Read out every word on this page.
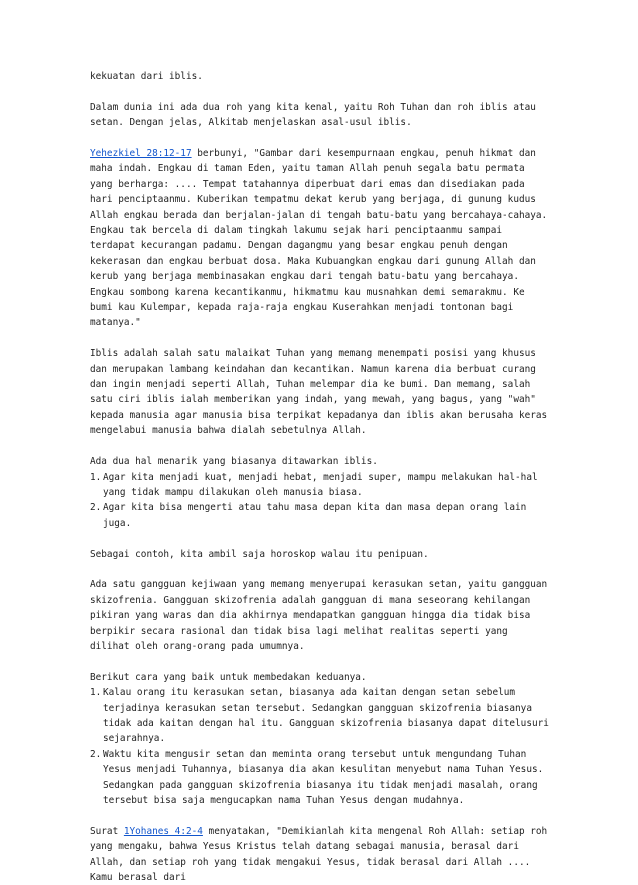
kekuatan dari iblis.

Dalam dunia ini ada dua roh yang kita kenal, yaitu Roh Tuhan dan roh iblis atau setan. Dengan jelas, Alkitab menjelaskan asal-usul iblis.

Yehezkiel 28:12-17 berbunyi, "Gambar dari kesempurnaan engkau, penuh hikmat dan maha indah. Engkau di taman Eden, yaitu taman Allah penuh segala batu permata yang berharga: .... Tempat tatahannya diperbuat dari emas dan disediakan pada hari penciptaanmu. Kuberikan tempatmu dekat kerub yang berjaga, di gunung kudus Allah engkau berada dan berjalan-jalan di tengah batu-batu yang bercahaya-cahaya. Engkau tak bercela di dalam tingkah lakumu sejak hari penciptaanmu sampai terdapat kecurangan padamu. Dengan dagangmu yang besar engkau penuh dengan kekerasan dan engkau berbuat dosa. Maka Kubuangkan engkau dari gunung Allah dan kerub yang berjaga membinasakan engkau dari tengah batu-batu yang bercahaya. Engkau sombong karena kecantikanmu, hikmatmu kau musnahkan demi semarakmu. Ke bumi kau Kulempar, kepada raja-raja engkau Kuserahkan menjadi tontonan bagi matanya."

Iblis adalah salah satu malaikat Tuhan yang memang menempati posisi yang khusus dan merupakan lambang keindahan dan kecantikan. Namun karena dia berbuat curang dan ingin menjadi seperti Allah, Tuhan melempar dia ke bumi. Dan memang, salah satu ciri iblis ialah memberikan yang indah, yang mewah, yang bagus, yang "wah" kepada manusia agar manusia bisa terpikat kepadanya dan iblis akan berusaha keras mengelabui manusia bahwa dialah sebetulnya Allah.

Ada dua hal menarik yang biasanya ditawarkan iblis.
1. Agar kita menjadi kuat, menjadi hebat, menjadi super, mampu melakukan hal-hal yang tidak mampu dilakukan oleh manusia biasa.
2. Agar kita bisa mengerti atau tahu masa depan kita dan masa depan orang lain juga.

Sebagai contoh, kita ambil saja horoskop walau itu penipuan.

Ada satu gangguan kejiwaan yang memang menyerupai kerasukan setan, yaitu gangguan skizofrenia. Gangguan skizofrenia adalah gangguan di mana seseorang kehilangan pikiran yang waras dan dia akhirnya mendapatkan gangguan hingga dia tidak bisa berpikir secara rasional dan tidak bisa lagi melihat realitas seperti yang dilihat oleh orang-orang pada umumnya.

Berikut cara yang baik untuk membedakan keduanya.
1. Kalau orang itu kerasukan setan, biasanya ada kaitan dengan setan sebelum terjadinya kerasukan setan tersebut. Sedangkan gangguan skizofrenia biasanya tidak ada kaitan dengan hal itu. Gangguan skizofrenia biasanya dapat ditelusuri sejarahnya.
2. Waktu kita mengusir setan dan meminta orang tersebut untuk mengundang Tuhan Yesus menjadi Tuhannya, biasanya dia akan kesulitan menyebut nama Tuhan Yesus. Sedangkan pada gangguan skizofrenia biasanya itu tidak menjadi masalah, orang tersebut bisa saja mengucapkan nama Tuhan Yesus dengan mudahnya.

Surat 1Yohanes 4:2-4 menyatakan, "Demikianlah kita mengenal Roh Allah: setiap roh yang mengaku, bahwa Yesus Kristus telah datang sebagai manusia, berasal dari Allah, dan setiap roh yang tidak mengakui Yesus, tidak berasal dari Allah .... Kamu berasal dari
